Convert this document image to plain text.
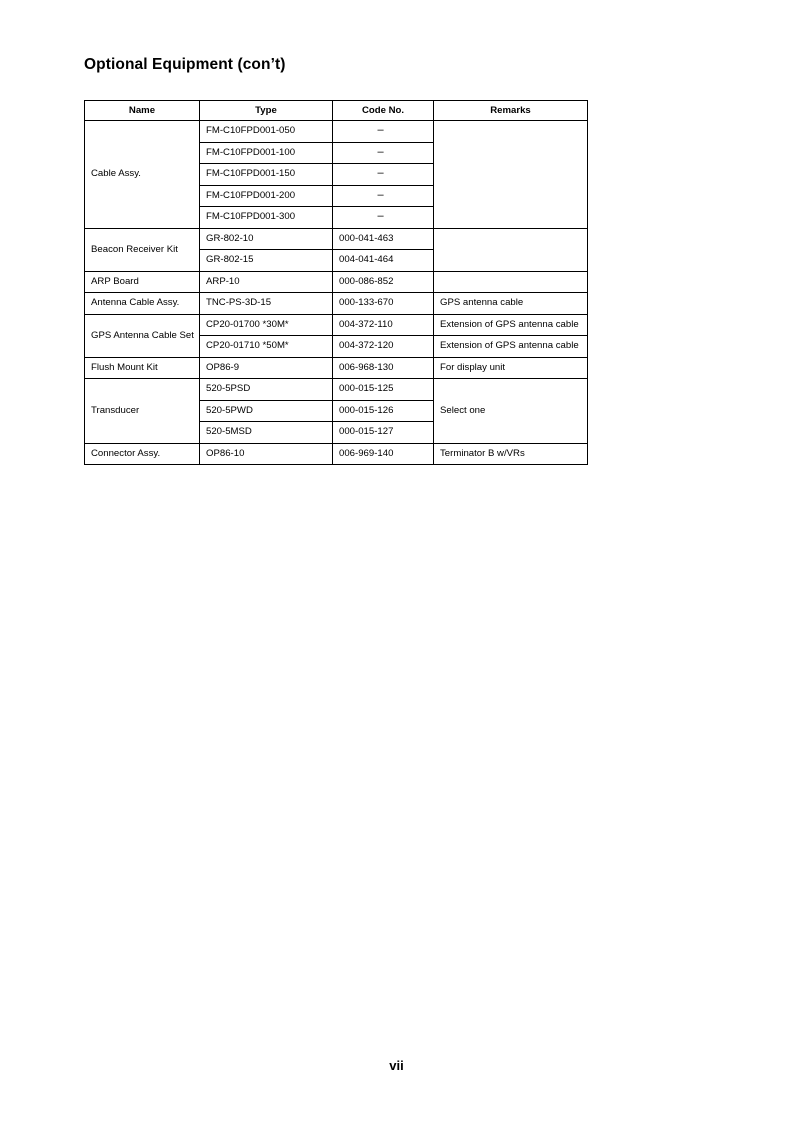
Optional Equipment (con’t)
Name	Type	Code No.	Remarks

Cable Assy.	FM-C10FPD001-050	–	

	FM-C10FPD001-100	–	

	FM-C10FPD001-150	–	

	FM-C10FPD001-200	–	

	FM-C10FPD001-300	–	

Beacon Receiver Kit	GR-802-10	000-041-463	

	GR-802-15	004-041-464	

ARP Board	ARP-10	000-086-852	

Antenna Cable Assy.	TNC-PS-3D-15	000-133-670	GPS antenna cable

GPS Antenna Cable Set	CP20-01700 *30M*	004-372-110	Extension of GPS antenna cable

	CP20-01710 *50M*	004-372-120	Extension of GPS antenna cable

Flush Mount Kit	OP86-9	006-968-130	For display unit

Transducer	520-5PSD	000-015-125	Select one

	520-5PWD	000-015-126	

	520-5MSD	000-015-127	

Connector Assy.	OP86-10	006-969-140	Terminator B w/VRs
vii
